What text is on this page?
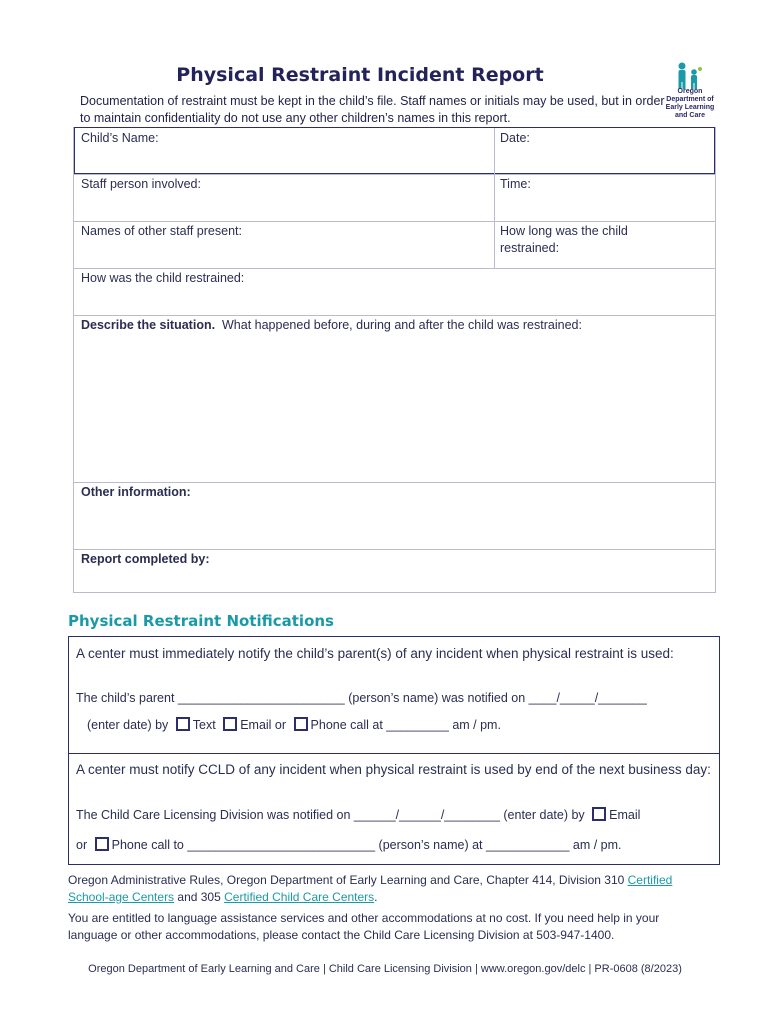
Physical Restraint Incident Report
Oregon Department of Early Learning and Care
Documentation of restraint must be kept in the child’s file. Staff names or initials may be used, but in order to maintain confidentiality do not use any other children’s names in this report.
Child’s Name:	Date:
Staff person involved:	Time:
Names of other staff present:	How long was the child restrained:
How was the child restrained:
Describe the situation.  What happened before, during and after the child was restrained:
Other information:
Report completed by:
Physical Restraint Notifications
A center must immediately notify the child’s parent(s) of any incident when physical restraint is used:
The child’s parent ________________________ (person’s name) was notified on ____/_____/_______
(enter date) by Text Email or Phone call at _________ am / pm.
A center must notify CCLD of any incident when physical restraint is used by end of the next business day:
The Child Care Licensing Division was notified on ______/______/________ (enter date) by Email
or Phone call to ___________________________ (person’s name) at ____________ am / pm.
Oregon Administrative Rules, Oregon Department of Early Learning and Care, Chapter 414, Division 310 Certified School-age Centers and 305 Certified Child Care Centers.
You are entitled to language assistance services and other accommodations at no cost. If you need help in your language or other accommodations, please contact the Child Care Licensing Division at 503-947-1400.
Oregon Department of Early Learning and Care | Child Care Licensing Division | www.oregon.gov/delc | PR-0608 (8/2023)
